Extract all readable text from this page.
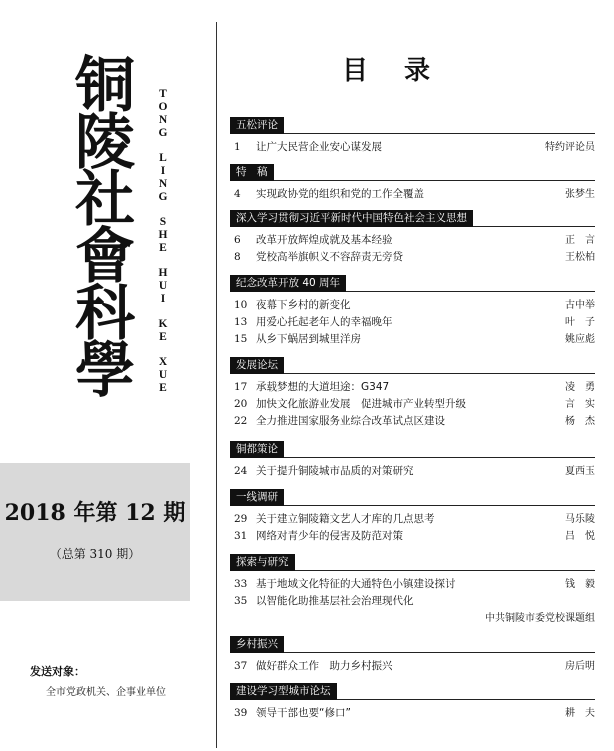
铜
陵
社
會
科
學
T
O
N
G
L
I
N
G
S
H
E
H
U
I
K
E
X
U
E
2018 年第 12 期
（总第 310 期）
发送对象：
全市党政机关、企事业单位
目录
五松评论
1	让广大民营企业安心谋发展	特约评论员
特　稿
4	实现政协党的组织和党的工作全覆盖	张梦生
深入学习贯彻习近平新时代中国特色社会主义思想
6	改革开放辉煌成就及基本经验	正　言
8	党校高举旗帜义不容辞责无旁贷	王松柏
纪念改革开放 40 周年
10 夜幕下乡村的新变化	古中举
13 用爱心托起老年人的幸福晚年	叶　子
15 从乡下蜗居到城里洋房	姚应彪
发展论坛
17 承载梦想的大道坦途：G347	凌　勇
20 加快文化旅游业发展　促进城市产业转型升级	言　实
22 全力推进国家服务业综合改革试点区建设	杨　杰
铜都策论
24 关于提升铜陵城市品质的对策研究	夏西玉
一线调研
29 关于建立铜陵籍文艺人才库的几点思考	马乐陵
31 网络对青少年的侵害及防范对策	吕　悦
探索与研究
33 基于地域文化特征的大通特色小镇建设探讨	钱　毅
35 以智能化助推基层社会治理现代化
中共铜陵市委党校课题组
乡村振兴
37 做好群众工作　助力乡村振兴	房后明
建设学习型城市论坛
39 领导干部也要“修口”	耕　夫
